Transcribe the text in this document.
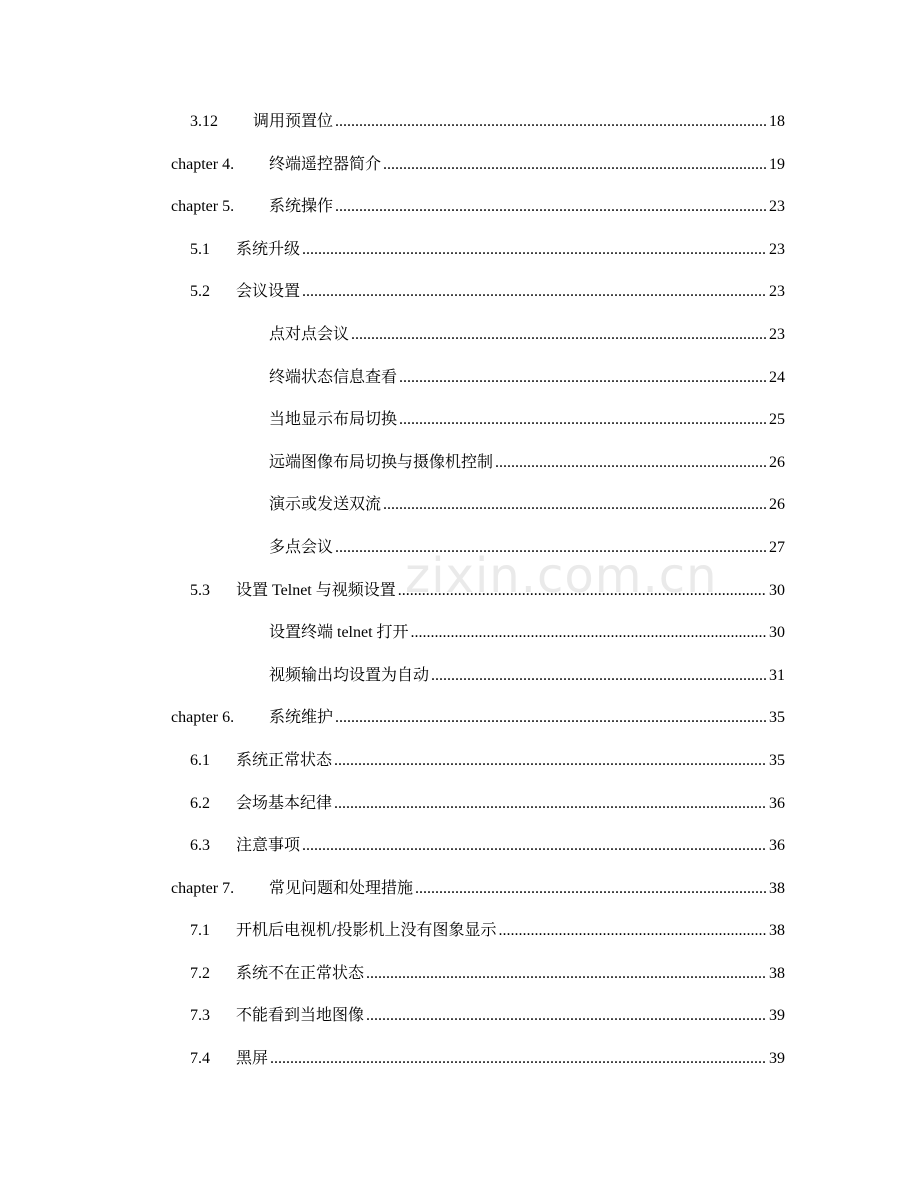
3.12	调用预置位 .....	18
chapter 4.	终端遥控器简介 .....	19
chapter 5.	系统操作 .....	23
5.1	系统升级 .....	23
5.2	会议设置 .....	23
点对点会议 .....	23
终端状态信息查看 .....	24
当地显示布局切换 .....	25
远端图像布局切换与摄像机控制 .....	26
演示或发送双流 .....	26
多点会议 .....	27
5.3	设置 Telnet 与视频设置 .....	30
设置终端 telnet 打开 .....	30
视频输出均设置为自动 .....	31
chapter 6.	系统维护 .....	35
6.1	系统正常状态 .....	35
6.2	会场基本纪律 .....	36
6.3	注意事项 .....	36
chapter 7.	常见问题和处理措施 .....	38
7.1	开机后电视机/投影机上没有图象显示 .....	38
7.2	系统不在正常状态 .....	38
7.3	不能看到当地图像 .....	39
7.4	黑屏 .....	39
zixin.com.cn
